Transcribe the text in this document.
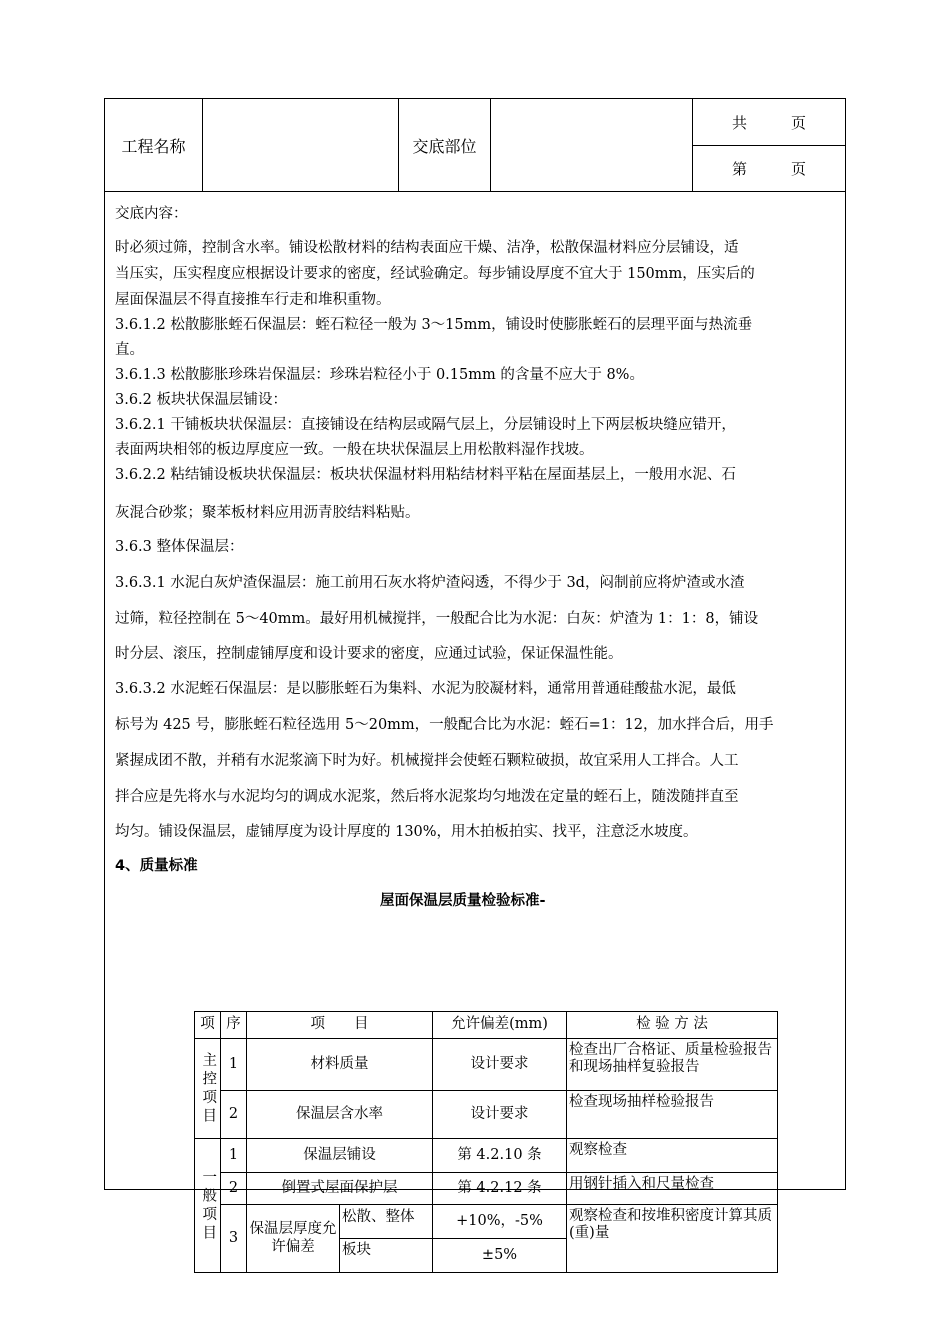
工程名称	交底部位
共	页
第	页
交底内容：
时必须过筛，控制含水率。铺设松散材料的结构表面应干燥、洁净，松散保温材料应分层铺设，适
当压实，压实程度应根据设计要求的密度，经试验确定。每步铺设厚度不宜大于 150mm，压实后的
屋面保温层不得直接推车行走和堆积重物。
3.6.1.2 松散膨胀蛭石保温层：蛭石粒径一般为 3～15mm，铺设时使膨胀蛭石的层理平面与热流垂
直。
3.6.1.3 松散膨胀珍珠岩保温层：珍珠岩粒径小于 0.15mm 的含量不应大于 8%。
3.6.2 板块状保温层铺设：
3.6.2.1 干铺板块状保温层：直接铺设在结构层或隔气层上，分层铺设时上下两层板块缝应错开，
表面两块相邻的板边厚度应一致。一般在块状保温层上用松散料湿作找坡。
3.6.2.2 粘结铺设板块状保温层：板块状保温材料用粘结材料平粘在屋面基层上，一般用水泥、石
灰混合砂浆；聚苯板材料应用沥青胶结料粘贴。
3.6.3 整体保温层：
3.6.3.1 水泥白灰炉渣保温层：施工前用石灰水将炉渣闷透，不得少于 3d，闷制前应将炉渣或水渣
过筛，粒径控制在 5～40mm。最好用机械搅拌，一般配合比为水泥：白灰：炉渣为 1：1：8，铺设
时分层、滚压，控制虚铺厚度和设计要求的密度，应通过试验，保证保温性能。
3.6.3.2 水泥蛭石保温层：是以膨胀蛭石为集料、水泥为胶凝材料，通常用普通硅酸盐水泥，最低
标号为 425 号，膨胀蛭石粒径选用 5～20mm，一般配合比为水泥：蛭石=1：12，加水拌合后，用手
紧握成团不散，并稍有水泥浆滴下时为好。机械搅拌会使蛭石颗粒破损，故宜采用人工拌合。人工
拌合应是先将水与水泥均匀的调成水泥浆，然后将水泥浆均匀地泼在定量的蛭石上，随泼随拌直至
均匀。铺设保温层，虚铺厚度为设计厚度的 130%，用木拍板拍实、找平，注意泛水坡度。
4、质量标准
屋面保温层质量检验标准-
项	序	项　　目		允许偏差(mm)	检 验 方 法
主控项目	1	材料质量		设计要求	检查出厂合格证、质量检验报告和现场抽样复验报告
	2	保温层含水率		设计要求	检查现场抽样检验报告
一般项目	1	保温层铺设		第 4.2.10 条	观察检查
	2	倒置式屋面保护层		第 4.2.12 条	用钢针插入和尺量检查
	3	保温层厚度允许偏差	松散、整体	+10%，-5%	观察检查和按堆积密度计算其质(重)量
			板块	±5%	
